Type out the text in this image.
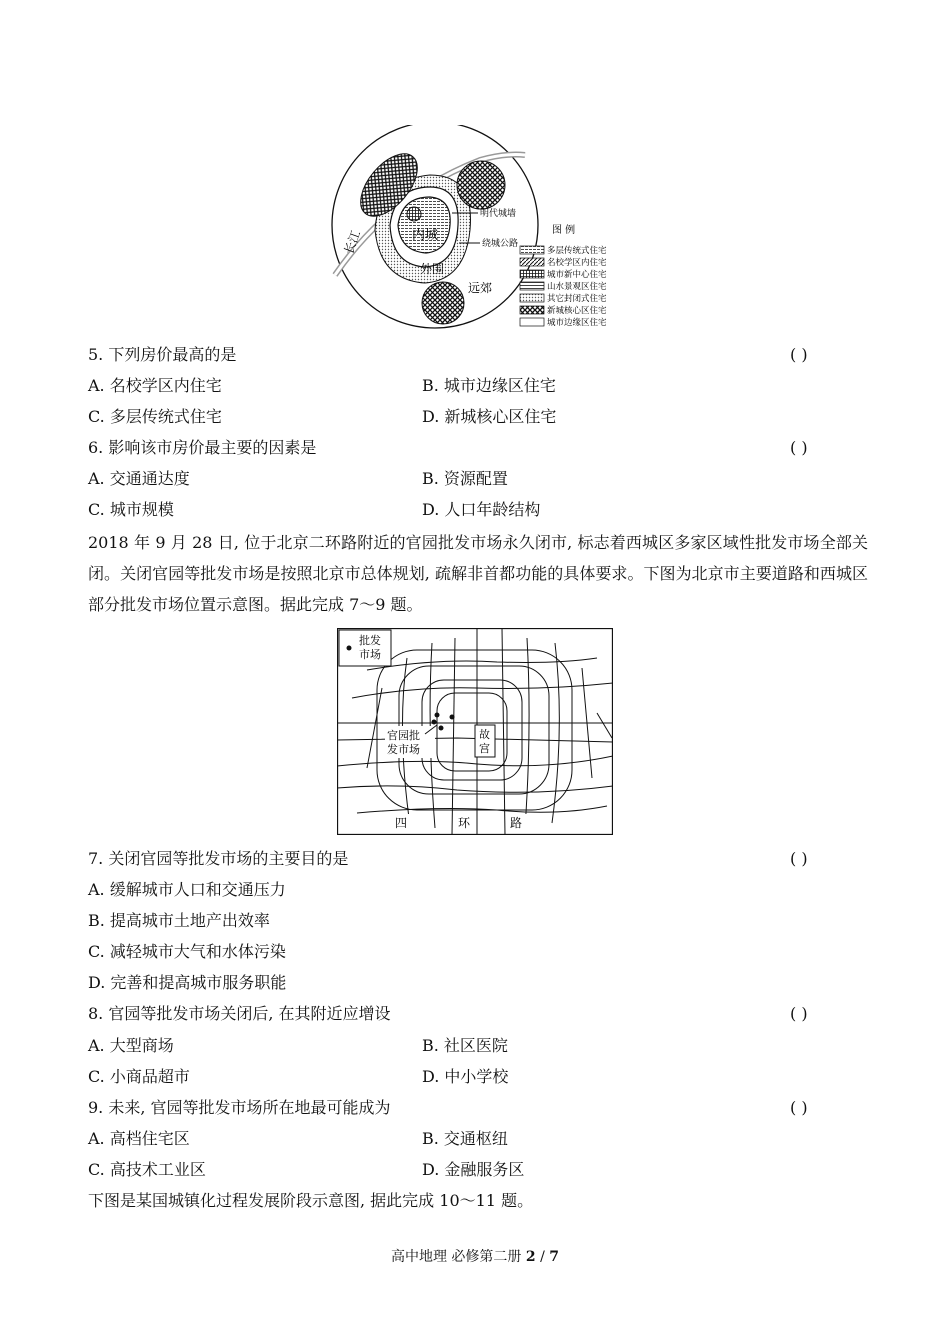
长江	内城
外围
远郊
明代城墙
绕城公路
图 例
多层传统式住宅
名校学区内住宅
城市新中心住宅
山水景观区住宅
其它封闭式住宅
新城核心区住宅
城市边缘区住宅
5. 下列房价最高的是	( )
A. 名校学区内住宅	B. 城市边缘区住宅
C. 多层传统式住宅	D. 新城核心区住宅
6. 影响该市房价最主要的因素是	( )
A. 交通通达度	B. 资源配置
C. 城市规模	D. 人口年龄结构
2018 年 9 月 28 日, 位于北京二环路附近的官园批发市场永久闭市, 标志着西城区多家区域性批发市场全部关闭。关闭官园等批发市场是按照北京市总体规划, 疏解非首都功能的具体要求。下图为北京市主要道路和西城区部分批发市场位置示意图。据此完成 7～9 题。
批发
市场
官园批
发市场
故
宫
四	环	路
7. 关闭官园等批发市场的主要目的是	( )
A. 缓解城市人口和交通压力
B. 提高城市土地产出效率
C. 减轻城市大气和水体污染
D. 完善和提高城市服务职能
8. 官园等批发市场关闭后, 在其附近应增设	( )
A. 大型商场	B. 社区医院
C. 小商品超市	D. 中小学校
9. 未来, 官园等批发市场所在地最可能成为	( )
A. 高档住宅区	B. 交通枢纽
C. 高技术工业区	D. 金融服务区
下图是某国城镇化过程发展阶段示意图, 据此完成 10～11 题。
高中地理 必修第二册 2 / 7
